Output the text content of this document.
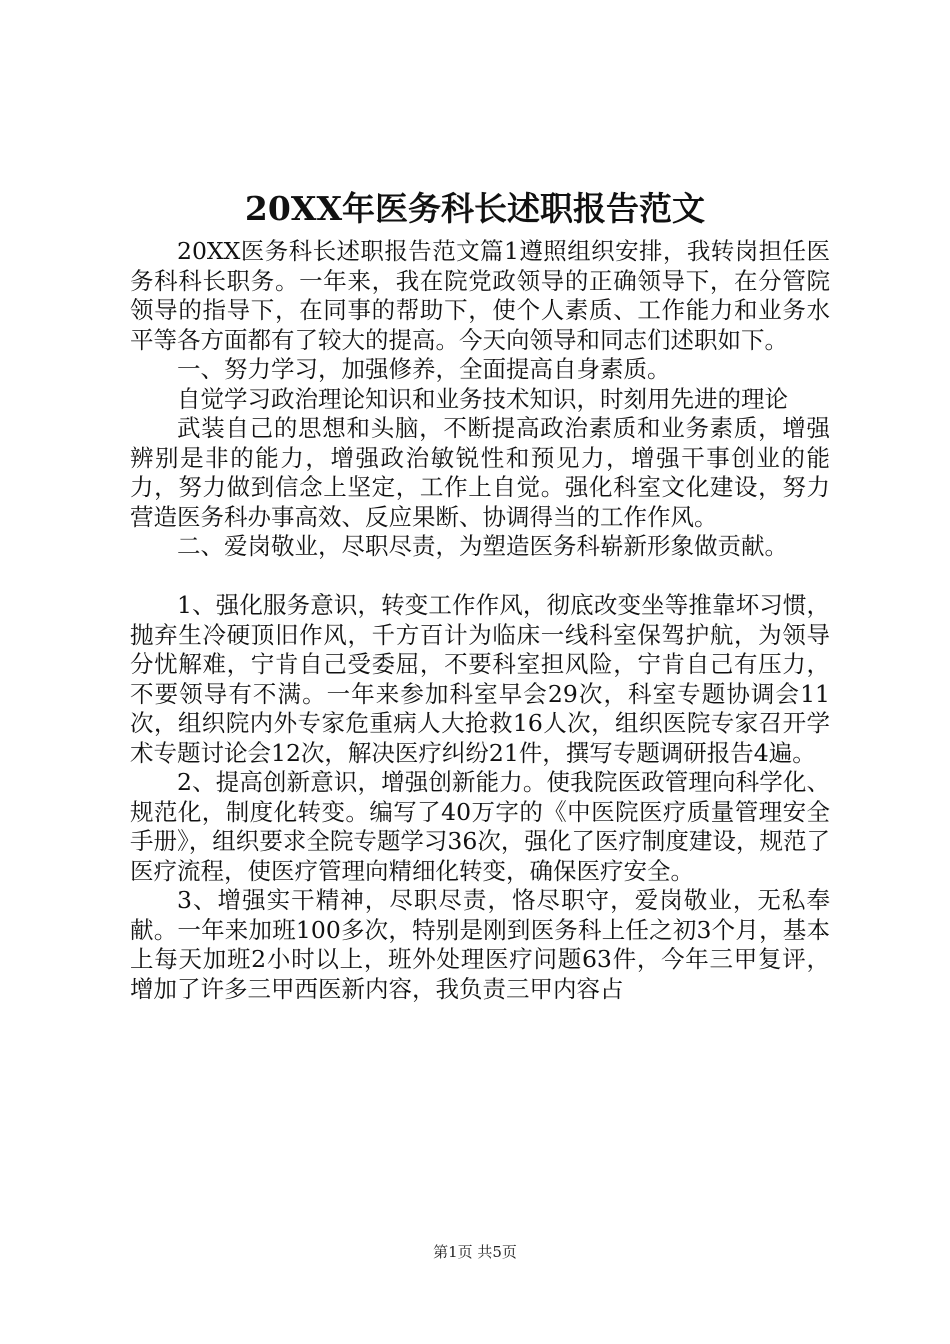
20XX年医务科长述职报告范文

20XX医务科长述职报告范文篇1遵照组织安排，我转岗担任医务科科长职务。一年来，我在院党政领导的正确领导下，在分管院领导的指导下，在同事的帮助下，使个人素质、工作能力和业务水平等各方面都有了较大的提高。今天向领导和同志们述职如下。

一、努力学习，加强修养，全面提高自身素质。

自觉学习政治理论知识和业务技术知识，时刻用先进的理论

武装自己的思想和头脑，不断提高政治素质和业务素质，增强辨别是非的能力，增强政治敏锐性和预见力，增强干事创业的能力，努力做到信念上坚定，工作上自觉。强化科室文化建设，努力营造医务科办事高效、反应果断、协调得当的工作作风。

二、爱岗敬业，尽职尽责，为塑造医务科崭新形象做贡献。

1、强化服务意识，转变工作作风，彻底改变坐等推靠坏习惯，抛弃生冷硬顶旧作风，千方百计为临床一线科室保驾护航，为领导分忧解难，宁肯自己受委屈，不要科室担风险，宁肯自己有压力，不要领导有不满。一年来参加科室早会29次，科室专题协调会11次，组织院内外专家危重病人大抢救16人次，组织医院专家召开学术专题讨论会12次，解决医疗纠纷21件，撰写专题调研报告4遍。

2、提高创新意识，增强创新能力。使我院医政管理向科学化、规范化，制度化转变。编写了40万字的《中医院医疗质量管理安全手册》，组织要求全院专题学习36次，强化了医疗制度建设，规范了医疗流程，使医疗管理向精细化转变，确保医疗安全。

3、增强实干精神，尽职尽责，恪尽职守，爱岗敬业，无私奉献。一年来加班100多次，特别是刚到医务科上任之初3个月，基本上每天加班2小时以上，班外处理医疗问题63件，今年三甲复评，增加了许多三甲西医新内容，我负责三甲内容占

第1页 共5页
